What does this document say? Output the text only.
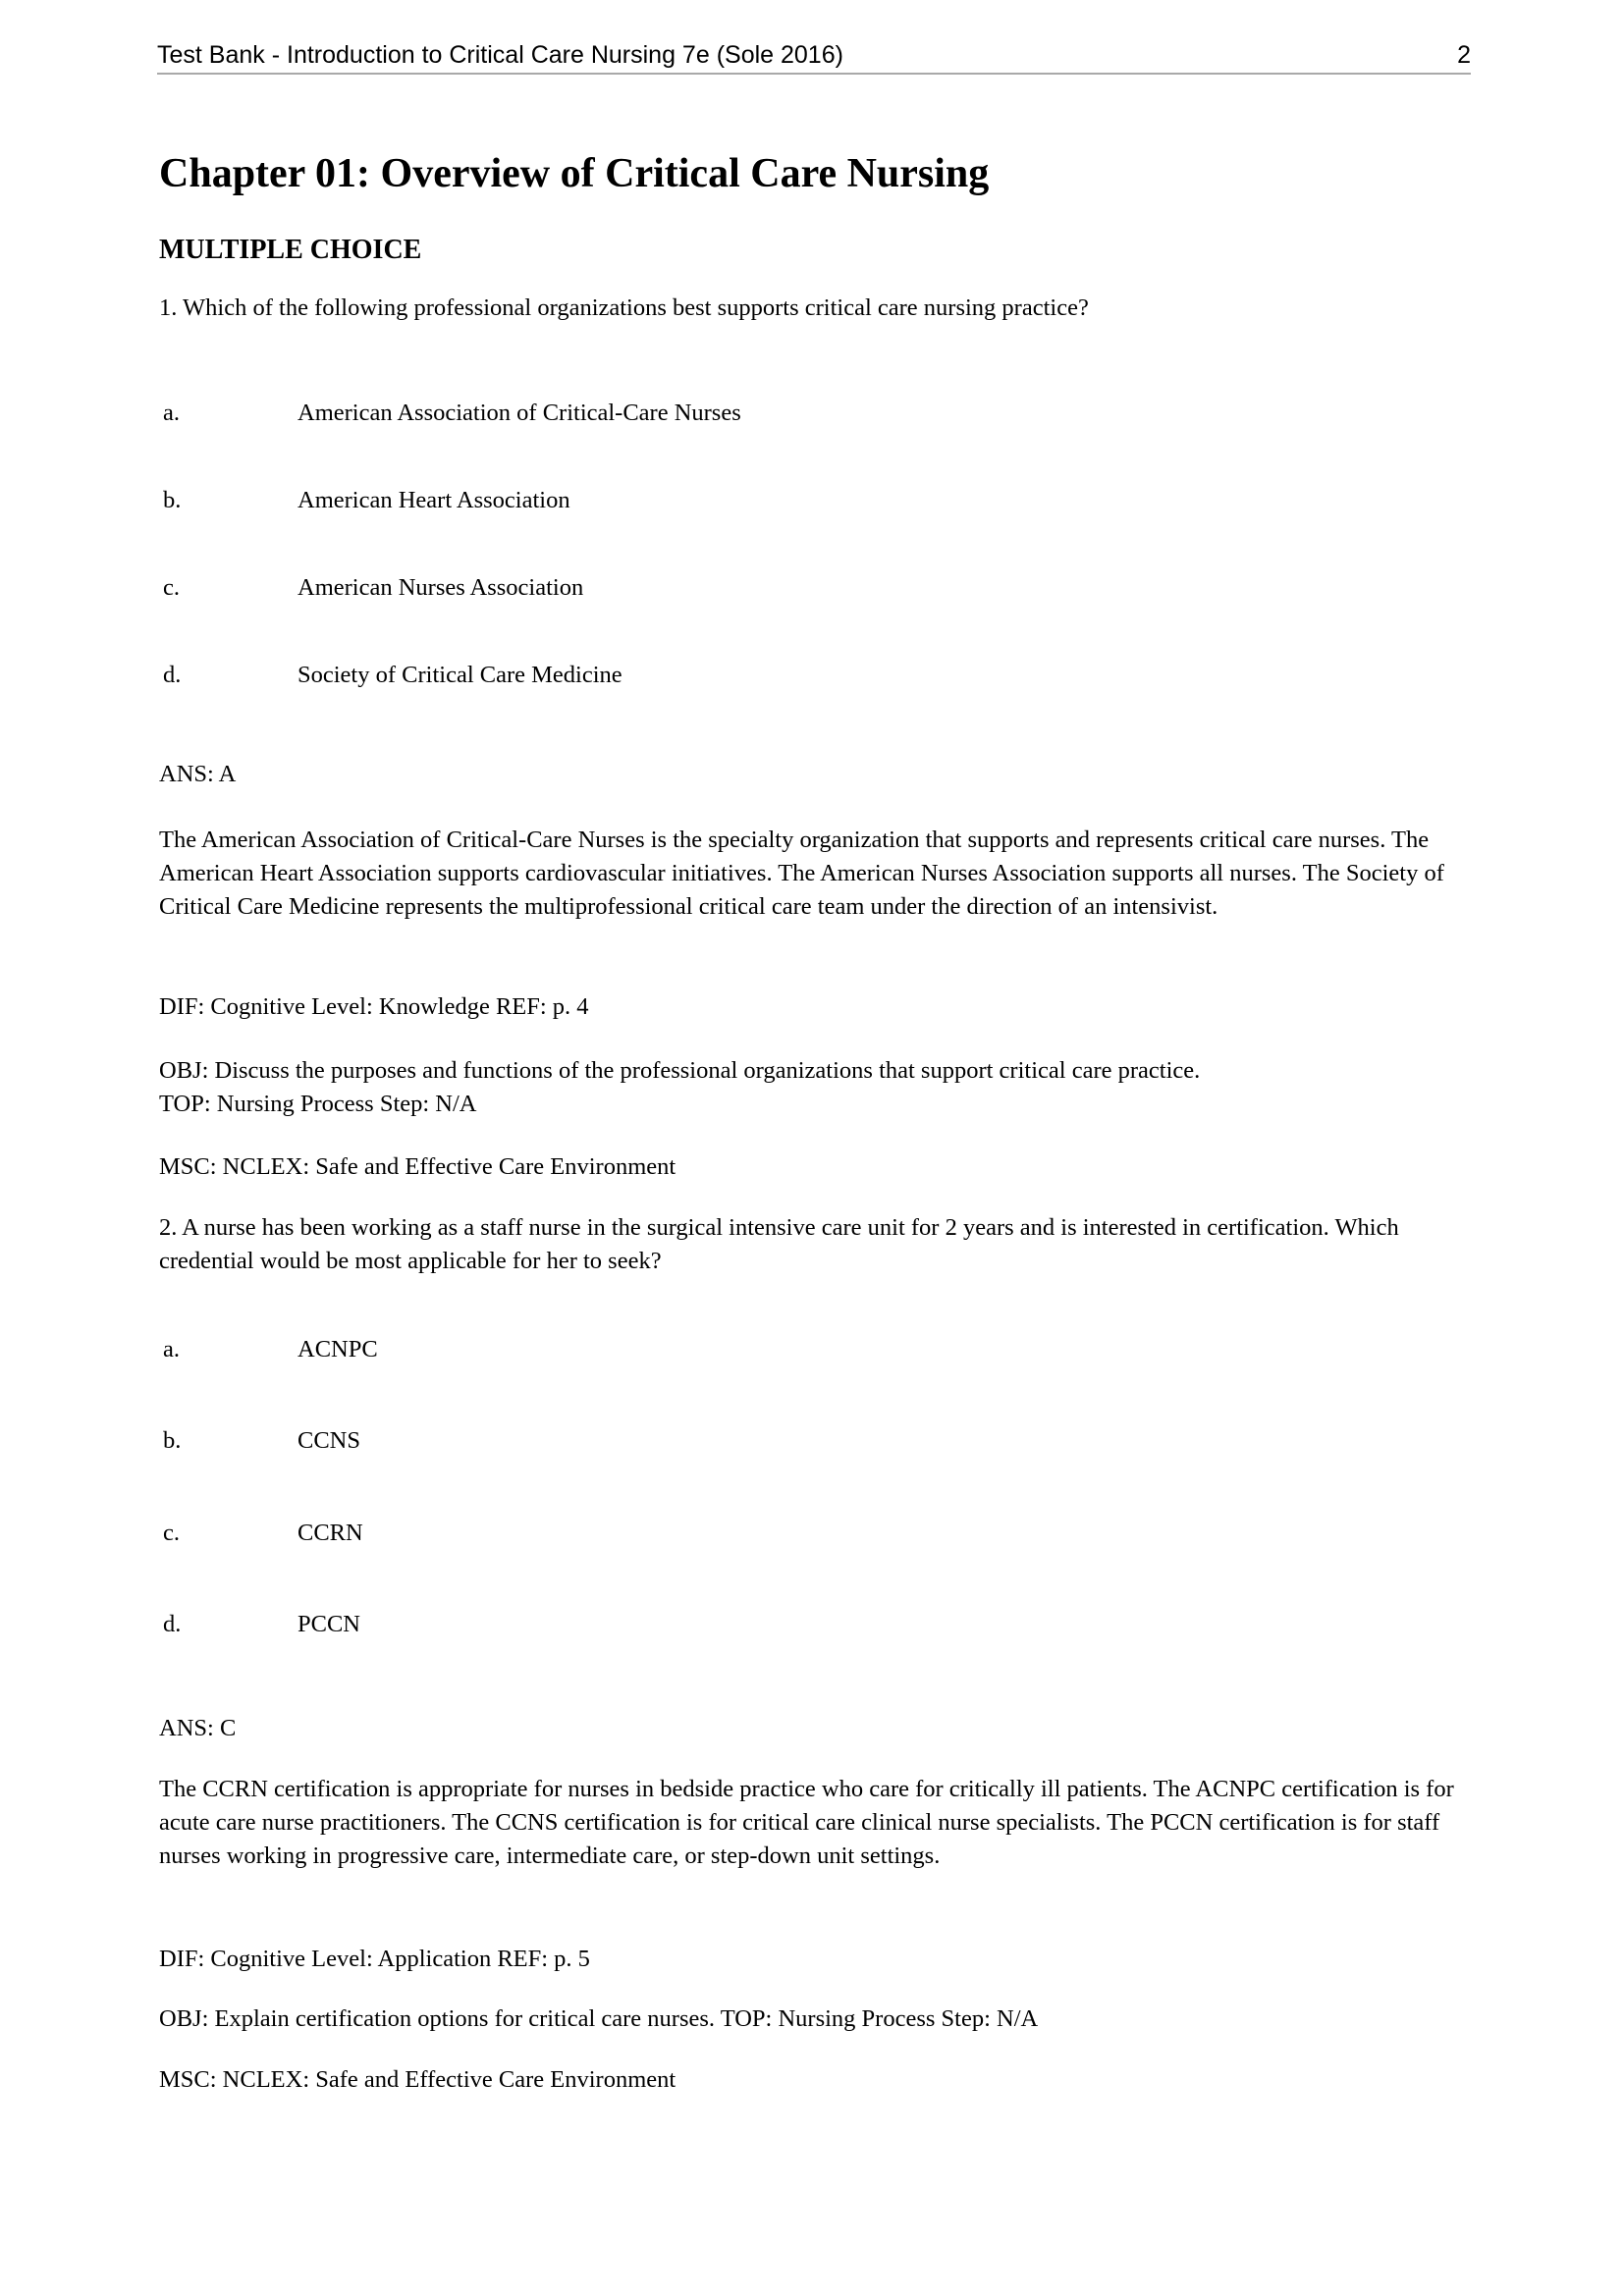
Test Bank - Introduction to Critical Care Nursing 7e (Sole 2016)	2
Chapter 01: Overview of Critical Care Nursing
MULTIPLE CHOICE
1. Which of the following professional organizations best supports critical care nursing practice?
a.	American Association of Critical-Care Nurses
b.	American Heart Association
c.	American Nurses Association
d.	Society of Critical Care Medicine
ANS: A
The American Association of Critical-Care Nurses is the specialty organization that supports and represents critical care nurses. The American Heart Association supports cardiovascular initiatives. The American Nurses Association supports all nurses. The Society of Critical Care Medicine represents the multiprofessional critical care team under the direction of an intensivist.
DIF: Cognitive Level: Knowledge REF: p. 4
OBJ: Discuss the purposes and functions of the professional organizations that support critical care practice.
TOP: Nursing Process Step: N/A
MSC: NCLEX: Safe and Effective Care Environment
2. A nurse has been working as a staff nurse in the surgical intensive care unit for 2 years and is interested in certification. Which credential would be most applicable for her to seek?
a.	ACNPC
b.	CCNS
c.	CCRN
d.	PCCN
ANS: C
The CCRN certification is appropriate for nurses in bedside practice who care for critically ill patients. The ACNPC certification is for acute care nurse practitioners. The CCNS certification is for critical care clinical nurse specialists. The PCCN certification is for staff nurses working in progressive care, intermediate care, or step-down unit settings.
DIF: Cognitive Level: Application REF: p. 5
OBJ: Explain certification options for critical care nurses. TOP: Nursing Process Step: N/A
MSC: NCLEX: Safe and Effective Care Environment
